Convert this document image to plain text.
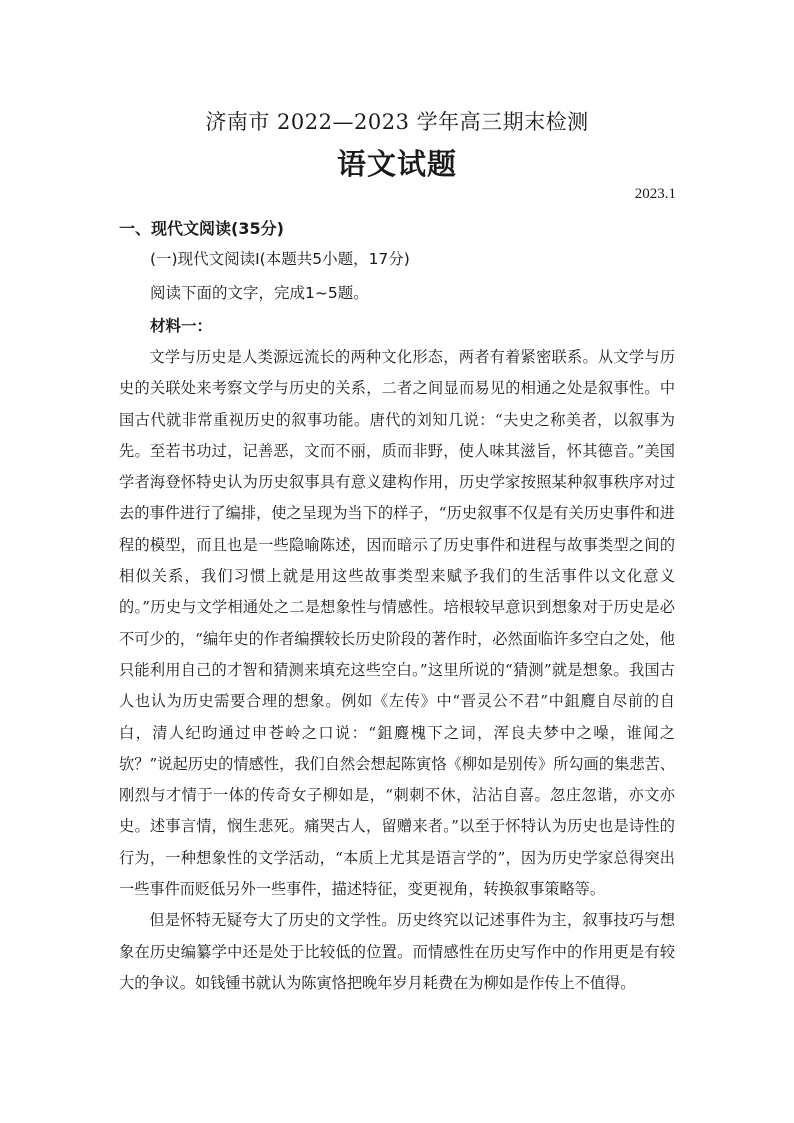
济南市 2022—2023 学年高三期末检测
语文试题
2023.1
一、现代文阅读(35分)
(一)现代文阅读Ⅰ(本题共5小题，17分)
阅读下面的文字，完成1~5题。
材料一：

文学与历史是人类源远流长的两种文化形态，两者有着紧密联系。从文学与历史的关联处来考察文学与历史的关系，二者之间显而易见的相通之处是叙事性。中国古代就非常重视历史的叙事功能。唐代的刘知几说：“夫史之称美者，以叙事为先。至若书功过，记善恶，文而不丽，质而非野，使人味其滋旨，怀其德音。”美国学者海登怀特史认为历史叙事具有意义建构作用，历史学家按照某种叙事秩序对过去的事件进行了编排，使之呈现为当下的样子，“历史叙事不仅是有关历史事件和进程的模型，而且也是一些隐喻陈述，因而暗示了历史事件和进程与故事类型之间的相似关系，我们习惯上就是用这些故事类型来赋予我们的生活事件以文化意义的。”历史与文学相通处之二是想象性与情感性。培根较早意识到想象对于历史是必不可少的，“编年史的作者编撰较长历史阶段的著作时，必然面临许多空白之处，他只能利用自己的才智和猜测来填充这些空白。”这里所说的“猜测”就是想象。我国古人也认为历史需要合理的想象。例如《左传》中“晋灵公不君”中鉏麑自尽前的自白，清人纪昀通过申苍岭之口说：“鉏麑槐下之词，浑良夫梦中之噪，谁闻之欤？”说起历史的情感性，我们自然会想起陈寅恪《柳如是别传》所勾画的集悲苦、刚烈与才情于一体的传奇女子柳如是，“刺刺不休，沾沾自喜。忽庄忽谐，亦文亦史。述事言情，悯生悲死。痛哭古人，留赠来者。”以至于怀特认为历史也是诗性的行为，一种想象性的文学活动，“本质上尤其是语言学的”，因为历史学家总得突出一些事件而贬低另外一些事件，描述特征，变更视角，转换叙事策略等。

但是怀特无疑夸大了历史的文学性。历史终究以记述事件为主，叙事技巧与想象在历史编纂学中还是处于比较低的位置。而情感性在历史写作中的作用更是有较大的争议。如钱锺书就认为陈寅恪把晚年岁月耗费在为柳如是作传上不值得。
